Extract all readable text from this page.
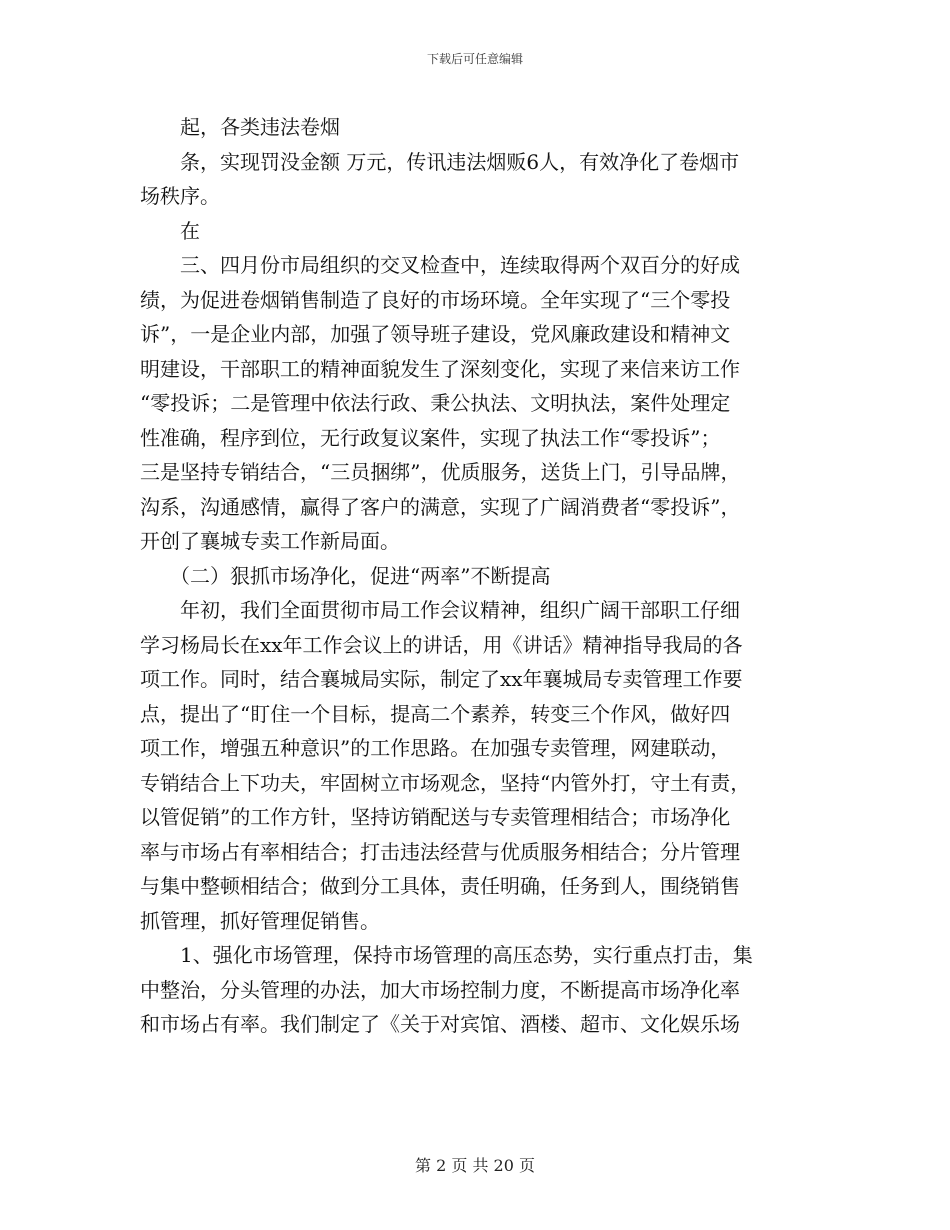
下载后可任意编辑
　　起，各类违法卷烟
　　条，实现罚没金额 万元，传讯违法烟贩6人，有效净化了卷烟市
场秩序。
　　在
　　三、四月份市局组织的交叉检查中，连续取得两个双百分的好成
绩，为促进卷烟销售制造了良好的市场环境。全年实现了“三个零投
诉”，一是企业内部，加强了领导班子建设，党风廉政建设和精神文
明建设，干部职工的精神面貌发生了深刻变化，实现了来信来访工作
“零投诉；二是管理中依法行政、秉公执法、文明执法，案件处理定
性准确，程序到位，无行政复议案件，实现了执法工作“零投诉”；
三是坚持专销结合，“三员捆绑”，优质服务，送货上门，引导品牌，
沟系，沟通感情，赢得了客户的满意，实现了广阔消费者“零投诉”，
开创了襄城专卖工作新局面。
　　（二）狠抓市场净化，促进“两率”不断提高
　　年初，我们全面贯彻市局工作会议精神，组织广阔干部职工仔细
学习杨局长在xx年工作会议上的讲话，用《讲话》精神指导我局的各
项工作。同时，结合襄城局实际，制定了xx年襄城局专卖管理工作要
点，提出了“盯住一个目标，提高二个素养，转变三个作风，做好四
项工作，增强五种意识”的工作思路。在加强专卖管理，网建联动，
专销结合上下功夫，牢固树立市场观念，坚持“内管外打，守土有责，
以管促销”的工作方针，坚持访销配送与专卖管理相结合；市场净化
率与市场占有率相结合；打击违法经营与优质服务相结合；分片管理
与集中整顿相结合；做到分工具体，责任明确，任务到人，围绕销售
抓管理，抓好管理促销售。
　　1、强化市场管理，保持市场管理的高压态势，实行重点打击，集
中整治，分头管理的办法，加大市场控制力度，不断提高市场净化率
和市场占有率。我们制定了《关于对宾馆、酒楼、超市、文化娱乐场
第 2 页 共 20 页
